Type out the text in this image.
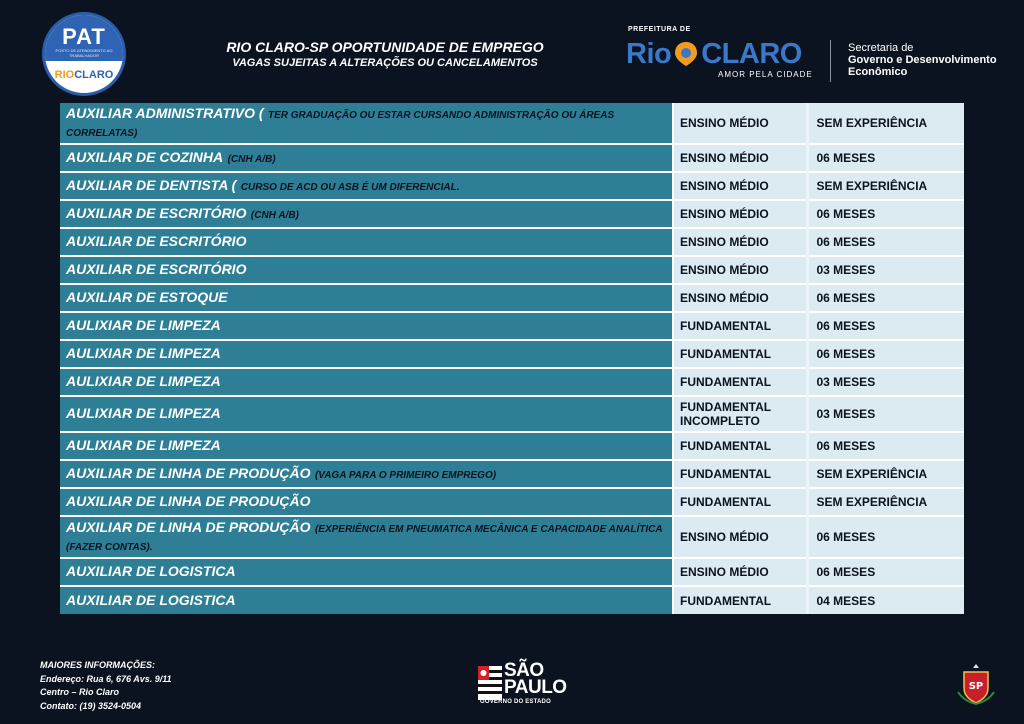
PAT
POSTO DE ATENDIMENTO AO TRABALHADOR
RIOCLARO
RIO CLARO-SP OPORTUNIDADE DE EMPREGO
VAGAS SUJEITAS A ALTERAÇÕES OU CANCELAMENTOS
PREFEITURA DE
Rio CLARO
AMOR PELA CIDADE
Secretaria de
Governo e Desenvolvimento
Econômico
AUXILIAR ADMINISTRATIVO ( TER GRADUAÇÃO OU ESTAR CURSANDO ADMINISTRAÇÃO OU ÁREAS CORRELATAS)	ENSINO MÉDIO	SEM EXPERIÊNCIA
AUXILIAR DE COZINHA (CNH A/B)	ENSINO MÉDIO	06 MESES
AUXILIAR DE DENTISTA ( CURSO DE ACD OU ASB É UM DIFERENCIAL.	ENSINO MÉDIO	SEM EXPERIÊNCIA
AUXILIAR DE ESCRITÓRIO (CNH A/B)	ENSINO MÉDIO	06 MESES
AUXILIAR DE ESCRITÓRIO	ENSINO MÉDIO	06 MESES
AUXILIAR DE ESCRITÓRIO	ENSINO MÉDIO	03 MESES
AUXILIAR DE ESTOQUE	ENSINO MÉDIO	06 MESES
AULIXIAR DE LIMPEZA	FUNDAMENTAL	06 MESES
AULIXIAR DE LIMPEZA	FUNDAMENTAL	06 MESES
AULIXIAR DE LIMPEZA	FUNDAMENTAL	03 MESES
AULIXIAR DE LIMPEZA	FUNDAMENTAL INCOMPLETO	03 MESES
AULIXIAR DE LIMPEZA	FUNDAMENTAL	06 MESES
AUXILIAR DE LINHA DE PRODUÇÃO (VAGA PARA O PRIMEIRO EMPREGO)	FUNDAMENTAL	SEM EXPERIÊNCIA
AUXILIAR DE LINHA DE PRODUÇÃO	FUNDAMENTAL	SEM EXPERIÊNCIA
AUXILIAR DE LINHA DE PRODUÇÃO (EXPERIÊNCIA EM PNEUMATICA MECÂNICA E CAPACIDADE ANALÍTICA (FAZER CONTAS).	ENSINO MÉDIO	06 MESES
AUXILIAR DE LOGISTICA	ENSINO MÉDIO	06 MESES
AUXILIAR DE LOGISTICA	FUNDAMENTAL	04 MESES
MAIORES INFORMAÇÕES:
Endereço: Rua 6, 676 Avs. 9/11
Centro – Rio Claro
Contato: (19) 3524-0504
SÃO
PAULO
GOVERNO DO ESTADO
SP
